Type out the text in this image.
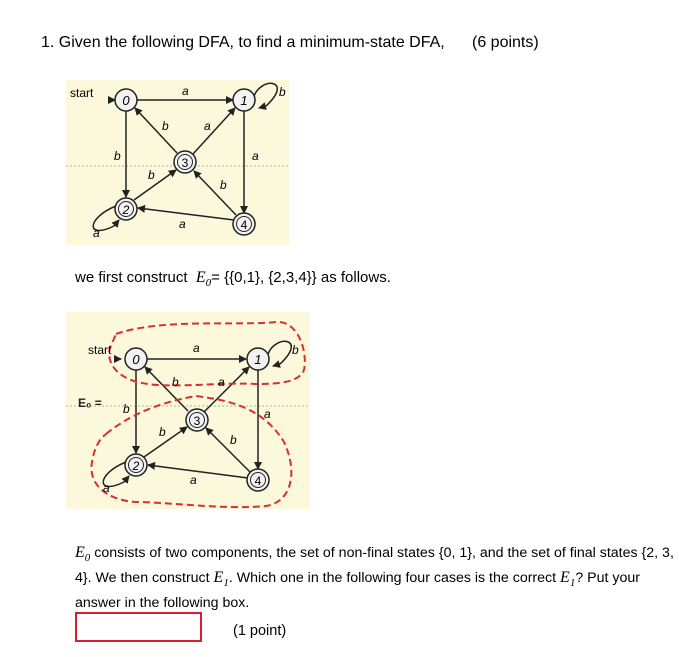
1. Given the following DFA, to find a minimum-state DFA, (6 points)
0	1
2
3
4
start	a	b
b	a
b	a
b
b
a
a
we first construct $E_0= \{\{0,1\}$, {2,3,4}} as follows.
0	1
2
3
4
start
E₀ =
a	b
b	a
b	a
b
b
a
a
$E_0$ consists of two components, the set of non-final states {0, 1}, and the set of final states {2, 3, 4}. We then construct $E_1$. Which one in the following four cases is the correct $E_1$? Put your answer in the following box.
(1 point)
